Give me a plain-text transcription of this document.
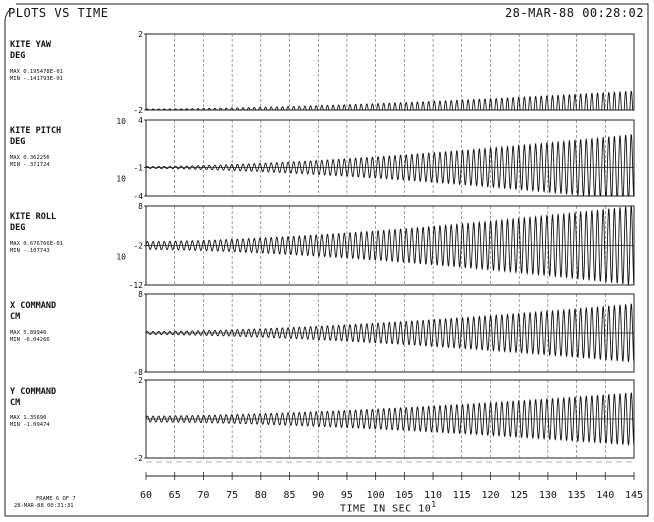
2
-2
10 4
-1
-4
10
8
-2
-12
10
8
-8
2
-2
60 65 70 75 80 85 90 95 100 105 110 115 120 125 130 135 140 145
PLOTS VS TIME	28-MAR-88 00:28:02
KITE YAW
DEG
MAX 0.195478E-01
MIN -.141793E-01
KITE PITCH
DEG
MAX 0.362256
MIN -.371724
KITE ROLL
DEG
MAX 0.676766E-01
MIN -.107743
X COMMAND
CM
MAX 5.89946
MIN -6.04266
Y COMMAND
CM
MAX 1.35690
MIN -1.09474
FRAME 6 OF 7
28-MAR-88 00:31:31	TIME IN SEC $10^1$
